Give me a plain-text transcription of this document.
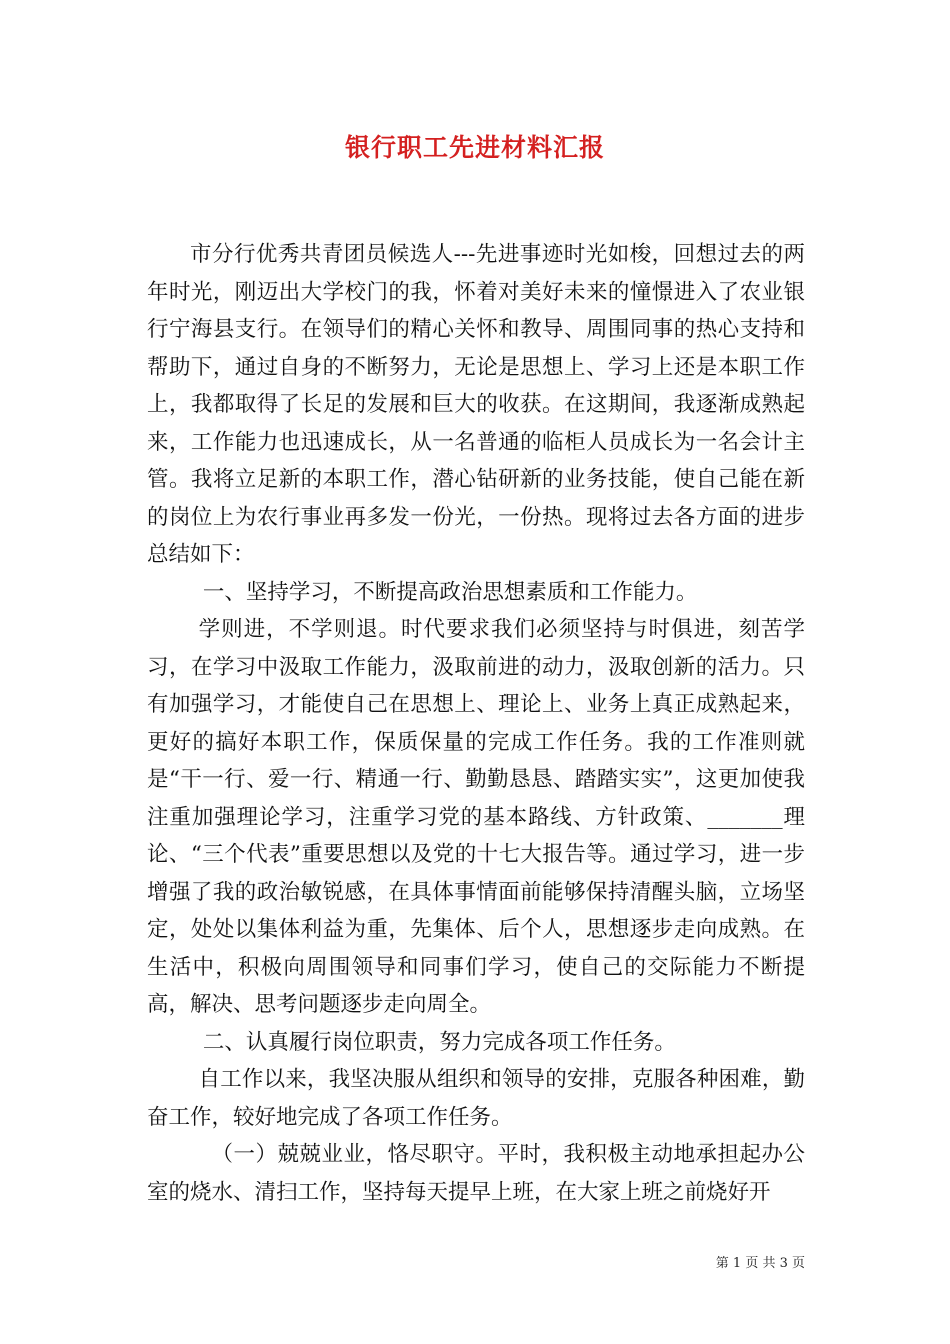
银行职工先进材料汇报

市分行优秀共青团员候选人---先进事迹时光如梭，回想过去的两年时光，刚迈出大学校门的我，怀着对美好未来的憧憬进入了农业银行宁海县支行。在领导们的精心关怀和教导、周围同事的热心支持和帮助下，通过自身的不断努力，无论是思想上、学习上还是本职工作上，我都取得了长足的发展和巨大的收获。在这期间，我逐渐成熟起来，工作能力也迅速成长，从一名普通的临柜人员成长为一名会计主管。我将立足新的本职工作，潜心钻研新的业务技能，使自己能在新的岗位上为农行事业再多发一份光，一份热。现将过去各方面的进步总结如下：

一、坚持学习，不断提高政治思想素质和工作能力。

学则进，不学则退。时代要求我们必须坚持与时俱进，刻苦学习，在学习中汲取工作能力，汲取前进的动力，汲取创新的活力。只有加强学习，才能使自己在思想上、理论上、业务上真正成熟起来，更好的搞好本职工作，保质保量的完成工作任务。我的工作准则就是“干一行、爱一行、精通一行、勤勤恳恳、踏踏实实”，这更加使我注重加强理论学习，注重学习党的基本路线、方针政策、_______理论、“三个代表”重要思想以及党的十七大报告等。通过学习，进一步增强了我的政治敏锐感，在具体事情面前能够保持清醒头脑，立场坚定，处处以集体利益为重，先集体、后个人，思想逐步走向成熟。在生活中，积极向周围领导和同事们学习，使自己的交际能力不断提高，解决、思考问题逐步走向周全。

二、认真履行岗位职责，努力完成各项工作任务。

自工作以来，我坚决服从组织和领导的安排，克服各种困难，勤奋工作，较好地完成了各项工作任务。

（一）兢兢业业，恪尽职守。平时，我积极主动地承担起办公室的烧水、清扫工作，坚持每天提早上班，在大家上班之前烧好开

第 1 页 共 3 页
